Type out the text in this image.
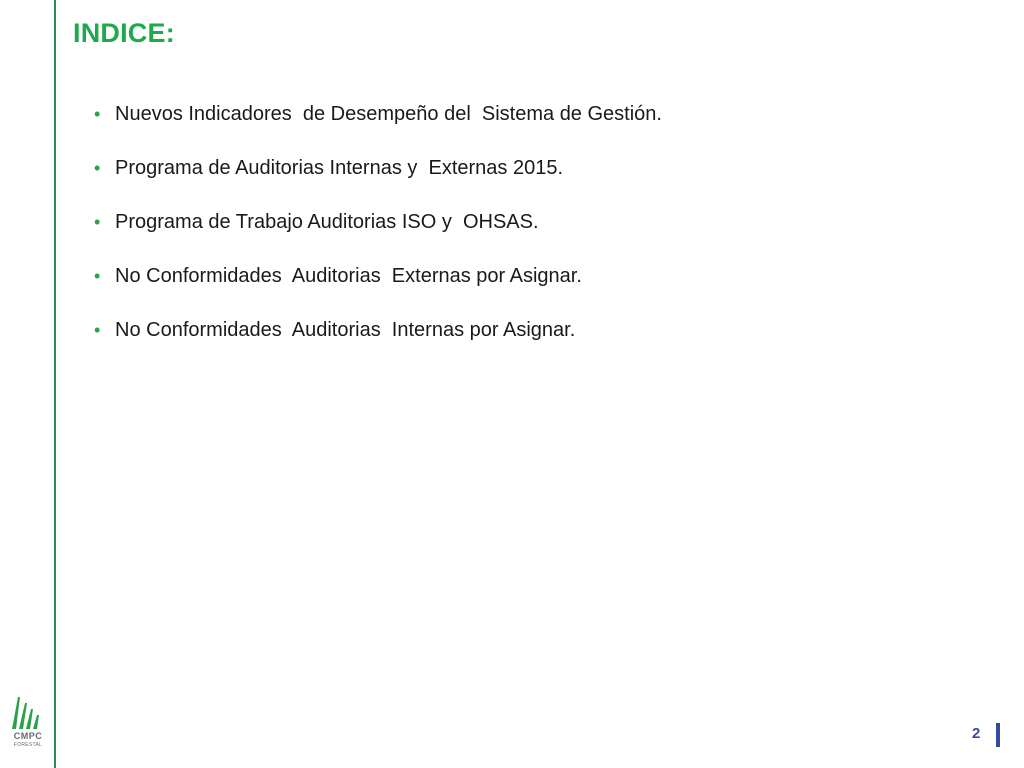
INDICE:

•

Nuevos Indicadores  de Desempeño del  Sistema de Gestión.

•

Programa de Auditorias Internas y  Externas 2015.

•

Programa de Trabajo Auditorias ISO y  OHSAS.

•

No Conformidades  Auditorias  Externas por Asignar.

•

No Conformidades  Auditorias  Internas por Asignar.

CMPC
FORESTAL
2
